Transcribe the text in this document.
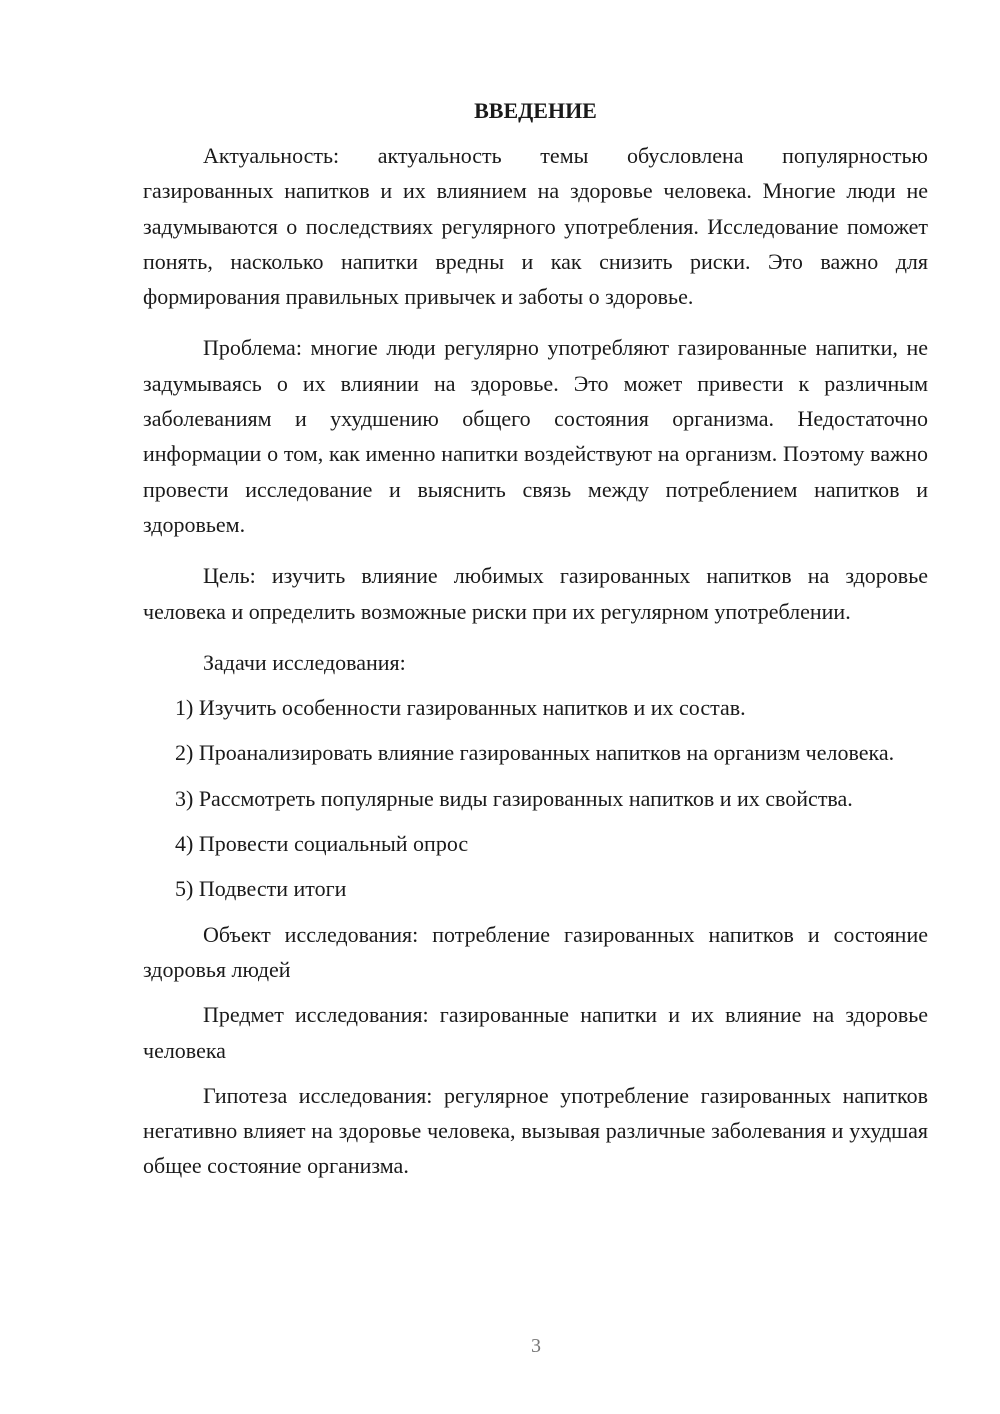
ВВЕДЕНИЕ

Актуальность: актуальность темы обусловлена популярностью газированных напитков и их влиянием на здоровье человека. Многие люди не задумываются о последствиях регулярного употребления. Исследование поможет понять, насколько напитки вредны и как снизить риски. Это важно для формирования правильных привычек и заботы о здоровье.

Проблема: многие люди регулярно употребляют газированные напитки, не задумываясь о их влиянии на здоровье. Это может привести к различным заболеваниям и ухудшению общего состояния организма. Недостаточно информации о том, как именно напитки воздействуют на организм. Поэтому важно провести исследование и выяснить связь между потреблением напитков и здоровьем.

Цель: изучить влияние любимых газированных напитков на здоровье человека и определить возможные риски при их регулярном употреблении.

Задачи исследования:

1) Изучить особенности газированных напитков и их состав.

2) Проанализировать влияние газированных напитков на организм человека.

3) Рассмотреть популярные виды газированных напитков и их свойства.

4) Провести социальный опрос

5) Подвести итоги

Объект исследования: потребление газированных напитков и состояние здоровья людей

Предмет исследования: газированные напитки и их влияние на здоровье человека

Гипотеза исследования: регулярное употребление газированных напитков негативно влияет на здоровье человека, вызывая различные заболевания и ухудшая общее состояние организма.

3
